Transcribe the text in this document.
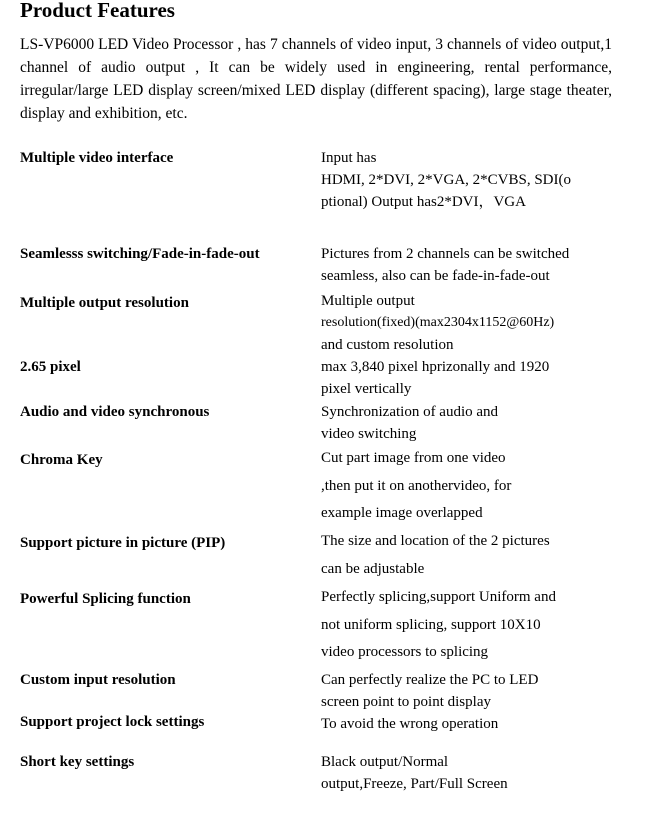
Product Features

LS-VP6000 LED Video Processor , has 7 channels of video input, 3 channels of video output,1 channel of audio output , It can be widely used in engineering, rental performance, irregular/large LED display screen/mixed LED display (different spacing), large stage theater, display and exhibition, etc.

Multiple video interface	Input has
HDMI, 2*DVI, 2*VGA, 2*CVBS, SDI(o
ptional) Output has2*DVI，VGA
Seamlesss switching/Fade-in-fade-out	Pictures from 2 channels can be switched
seamless, also can be fade-in-fade-out
Multiple output resolution	Multiple output
resolution(fixed)(max2304x1152@60Hz)
and custom resolution
2.65 pixel	max 3,840 pixel hprizonally and 1920
pixel vertically
Audio and video synchronous	Synchronization of audio and
video switching
Chroma Key	Cut part image from one video
,then put it on anothervideo, for
example image overlapped
Support picture in picture (PIP)	The size and location of the 2 pictures
can be adjustable
Powerful Splicing function	Perfectly splicing,support Uniform and
not uniform splicing, support 10X10
video processors to splicing
Custom input resolution	Can perfectly realize the PC to LED
screen point to point display
Support project lock settings	To avoid the wrong operation
Short key settings	Black output/Normal
output,Freeze, Part/Full Screen
